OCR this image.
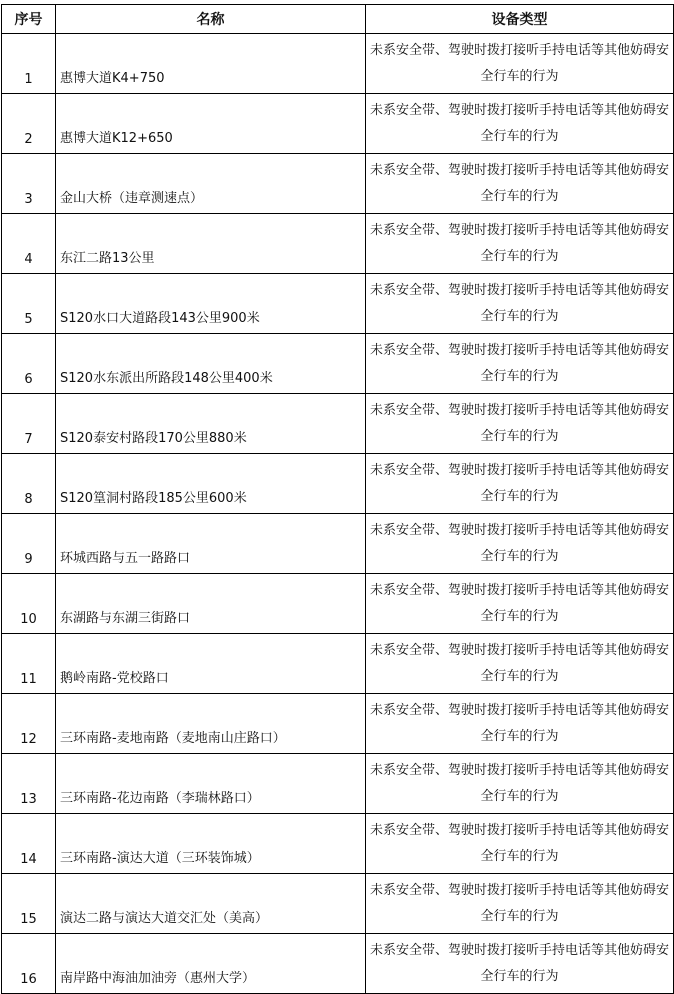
序号	名称	设备类型
1	惠博大道K4+750	未系安全带、驾驶时拨打接听手持电话等其他妨碍安全行车的行为
2	惠博大道K12+650	未系安全带、驾驶时拨打接听手持电话等其他妨碍安全行车的行为
3	金山大桥（违章测速点）	未系安全带、驾驶时拨打接听手持电话等其他妨碍安全行车的行为
4	东江二路13公里	未系安全带、驾驶时拨打接听手持电话等其他妨碍安全行车的行为
5	S120水口大道路段143公里900米	未系安全带、驾驶时拨打接听手持电话等其他妨碍安全行车的行为
6	S120水东派出所路段148公里400米	未系安全带、驾驶时拨打接听手持电话等其他妨碍安全行车的行为
7	S120泰安村路段170公里880米	未系安全带、驾驶时拨打接听手持电话等其他妨碍安全行车的行为
8	S120篁洞村路段185公里600米	未系安全带、驾驶时拨打接听手持电话等其他妨碍安全行车的行为
9	环城西路与五一路路口	未系安全带、驾驶时拨打接听手持电话等其他妨碍安全行车的行为
10	东湖路与东湖三街路口	未系安全带、驾驶时拨打接听手持电话等其他妨碍安全行车的行为
11	鹅岭南路-党校路口	未系安全带、驾驶时拨打接听手持电话等其他妨碍安全行车的行为
12	三环南路-麦地南路（麦地南山庄路口）	未系安全带、驾驶时拨打接听手持电话等其他妨碍安全行车的行为
13	三环南路-花边南路（李瑞林路口）	未系安全带、驾驶时拨打接听手持电话等其他妨碍安全行车的行为
14	三环南路-演达大道（三环装饰城）	未系安全带、驾驶时拨打接听手持电话等其他妨碍安全行车的行为
15	演达二路与演达大道交汇处（美高）	未系安全带、驾驶时拨打接听手持电话等其他妨碍安全行车的行为
16	南岸路中海油加油旁（惠州大学）	未系安全带、驾驶时拨打接听手持电话等其他妨碍安全行车的行为
